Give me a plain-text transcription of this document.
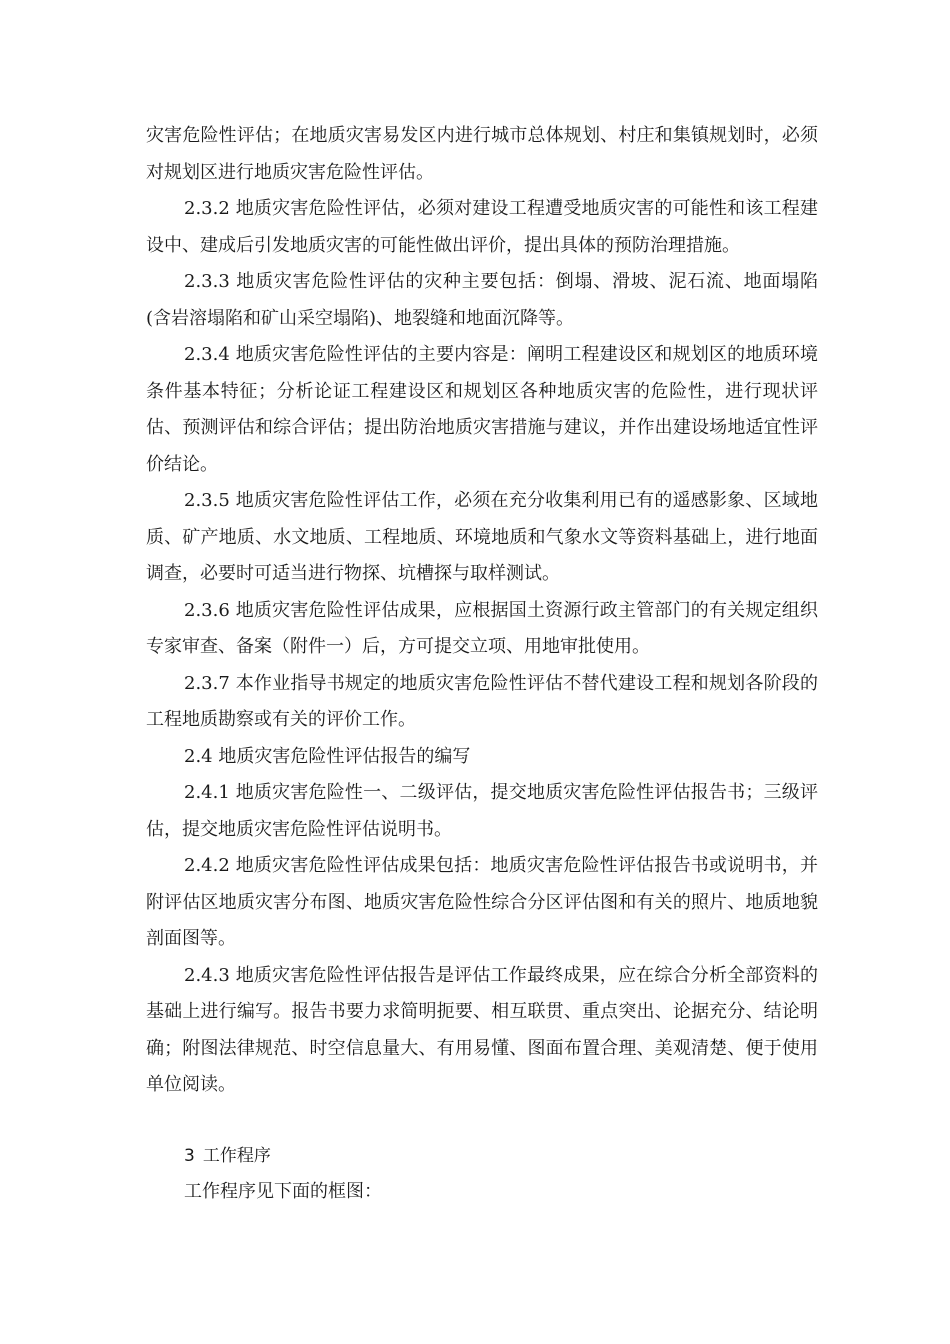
灾害危险性评估；在地质灾害易发区内进行城市总体规划、村庄和集镇规划时，必须对规划区进行地质灾害危险性评估。

2.3.2 地质灾害危险性评估，必须对建设工程遭受地质灾害的可能性和该工程建设中、建成后引发地质灾害的可能性做出评价，提出具体的预防治理措施。

2.3.3 地质灾害危险性评估的灾种主要包括：倒塌、滑坡、泥石流、地面塌陷(含岩溶塌陷和矿山采空塌陷)、地裂缝和地面沉降等。

2.3.4 地质灾害危险性评估的主要内容是：阐明工程建设区和规划区的地质环境条件基本特征；分析论证工程建设区和规划区各种地质灾害的危险性，进行现状评估、预测评估和综合评估；提出防治地质灾害措施与建议，并作出建设场地适宜性评价结论。

2.3.5 地质灾害危险性评估工作，必须在充分收集利用已有的遥感影象、区域地质、矿产地质、水文地质、工程地质、环境地质和气象水文等资料基础上，进行地面调查，必要时可适当进行物探、坑槽探与取样测试。

2.3.6 地质灾害危险性评估成果，应根据国土资源行政主管部门的有关规定组织专家审查、备案（附件一）后，方可提交立项、用地审批使用。

2.3.7 本作业指导书规定的地质灾害危险性评估不替代建设工程和规划各阶段的工程地质勘察或有关的评价工作。

2.4 地质灾害危险性评估报告的编写

2.4.1 地质灾害危险性一、二级评估，提交地质灾害危险性评估报告书；三级评估，提交地质灾害危险性评估说明书。

2.4.2 地质灾害危险性评估成果包括：地质灾害危险性评估报告书或说明书，并附评估区地质灾害分布图、地质灾害危险性综合分区评估图和有关的照片、地质地貌剖面图等。

2.4.3 地质灾害危险性评估报告是评估工作最终成果，应在综合分析全部资料的基础上进行编写。报告书要力求简明扼要、相互联贯、重点突出、论据充分、结论明确；附图法律规范、时空信息量大、有用易懂、图面布置合理、美观清楚、便于使用单位阅读。

3 工作程序

工作程序见下面的框图：
